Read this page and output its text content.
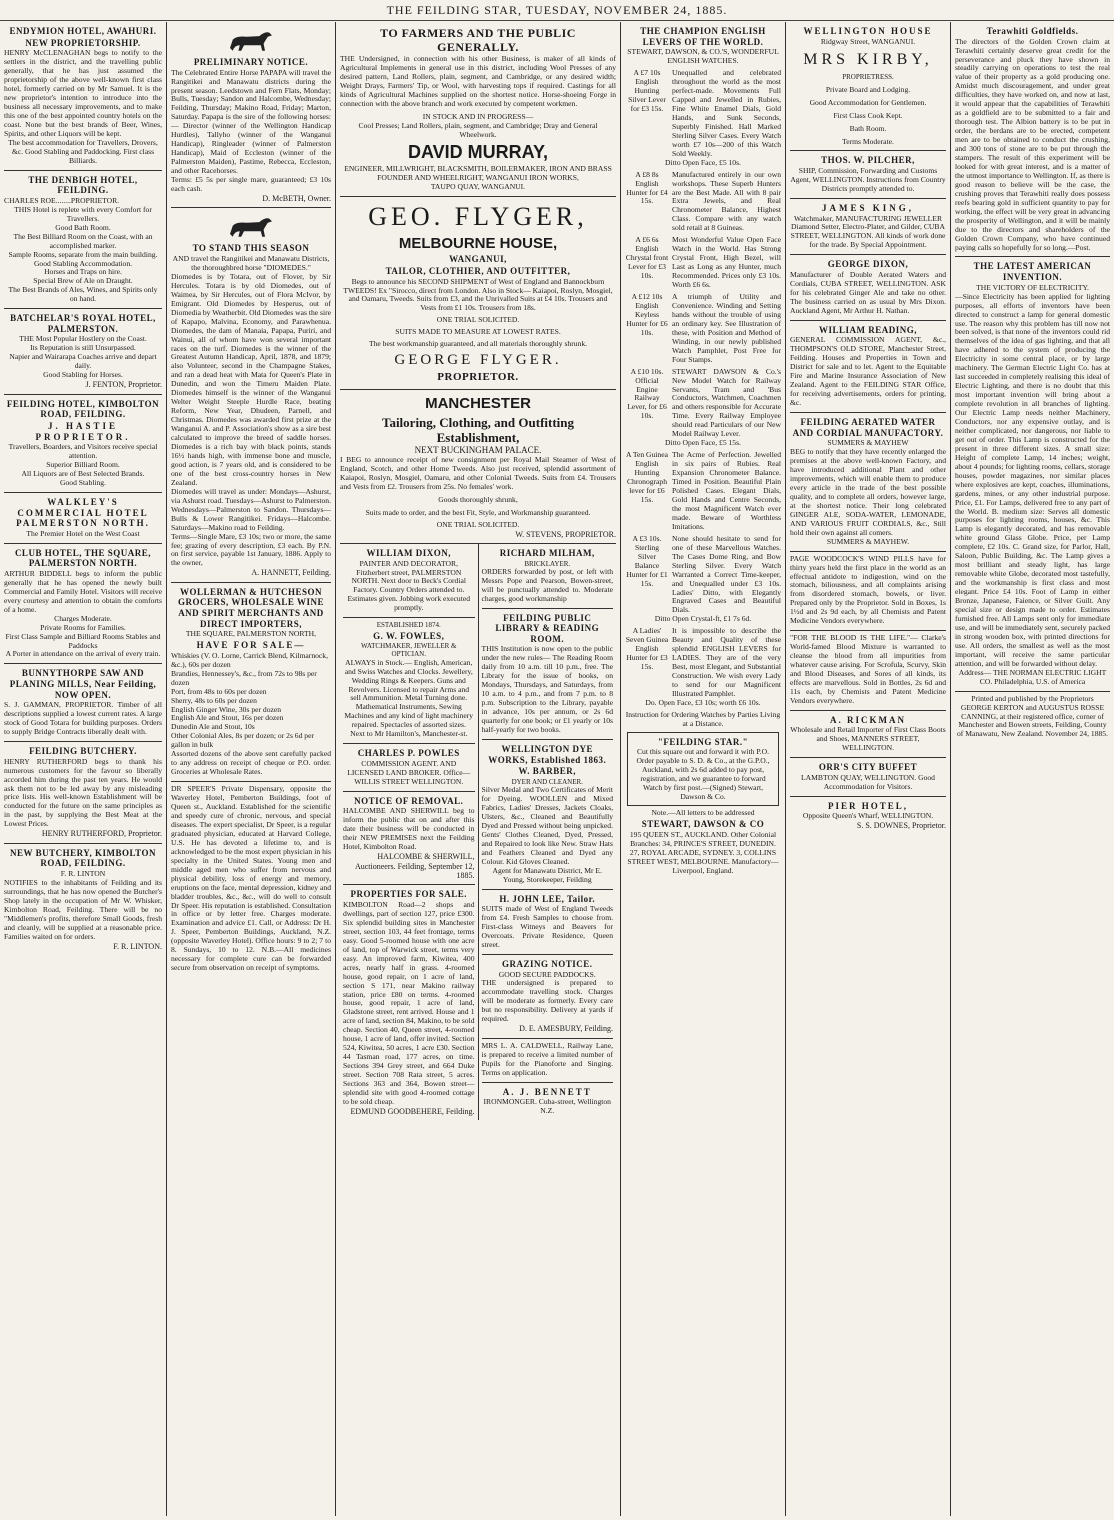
THE FEILDING STAR, TUESDAY, NOVEMBER 24, 1885.
ENDYMION HOTEL, AWAHURI.
NEW PROPRIETORSHIP.
HENRY McCLENAGHAN begs to notify to the settlers in the district, and the travelling public generally, that he has just assumed the proprietorship of the above well-known first class hotel, formerly carried on by Mr Samuel. It is the new proprietor's intention to introduce into the business all necessary improvements, and to make this one of the best appointed country hotels on the coast. None but the best brands of Beer, Wines, Spirits, and other Liquors will be kept.
The best accommodation for Travellers, Drovers, &c. Good Stabling and Paddocking. First class Billiards.
THE DENBIGH HOTEL, FEILDING.
CHARLES ROE........PROPRIETOR.
THIS Hotel is replete with every Comfort for Travellers.
Good Bath Room.
The Best Billiard Room on the Coast, with an accomplished marker.
Sample Rooms, separate from the main building.
Good Stabling Accommodation.
Horses and Traps on hire.
Special Brew of Ale on Draught.
The Best Brands of Ales, Wines, and Spirits only on hand.
BATCHELAR'S ROYAL HOTEL, PALMERSTON.
THE Most Popular Hostlery on the Coast.
Its Reputation is still Unsurpassed.
Napier and Wairarapa Coaches arrive and depart daily.
Good Stabling for Horses.
J. FENTON, Proprietor.
FEILDING HOTEL, KIMBOLTON ROAD, FEILDING.
J. HASTIE PROPRIETOR.
Travellers, Boarders, and Visitors receive special attention.
Superior Billiard Room.
All Liquors are of Best Selected Brands.
Good Stabling.
WALKLEY'S COMMERCIAL HOTEL PALMERSTON NORTH.
The Premier Hotel on the West Coast
CLUB HOTEL, THE SQUARE, PALMERSTON NORTH.
ARTHUR BIDDELL begs to inform the public generally that he has opened the newly built Commercial and Family Hotel. Visitors will receive every courtesy and attention to obtain the comforts of a home.
Charges Moderate.
Private Rooms for Families.
First Class Sample and Billiard Rooms Stables and Paddocks
A Porter in attendance on the arrival of every train.
BUNNYTHORPE SAW AND PLANING MILLS, Near Feilding, NOW OPEN.
S. J. GAMMAN, PROPRIETOR. Timber of all descriptions supplied a lowest current rates. A large stock of Good Totara for building purposes. Orders to supply Bridge Contracts liberally dealt with.
FEILDING BUTCHERY.
HENRY RUTHERFORD begs to thank his numerous customers for the favour so liberally accorded him during the past ten years. He would ask them not to be led away by any misleading price lists. His well-known Establishment will be conducted for the future on the same principles as in the past, by supplying the Best Meat at the Lowest Prices.
HENRY RUTHERFORD, Proprietor.
NEW BUTCHERY, KIMBOLTON ROAD, FEILDING.
F. R. LINTON
NOTIFIES to the inhabitants of Feilding and its surroundings, that he has now opened the Butcher's Shop lately in the occupation of Mr W. Whisker, Kimbolton Road, Feilding. There will be no "Middlemen's profits, therefore Small Goods, fresh and cleanly, will be supplied at a reasonable price. Families waited on for orders.
F. R. LINTON.
PRELIMINARY NOTICE.
The Celebrated Entire Horse PAPAPA will travel the Rangitikei and Manawatu districts during the present season. Leedstown and Fern Flats, Monday; Bulls, Tuesday; Sandon and Halcombe, Wednesday; Feilding, Thursday; Makino Road, Friday; Marton, Saturday. Papapa is the sire of the following horses:— Director (winner of the Wellington Handicap Hurdles), Tallyho (winner of the Wanganui Handicap), Ringleader (winner of Palmerston Handicap), Maid of Eccleston (winner of the Palmerston Maiden), Pastime, Rebecca, Eccleston, and other Racehorses.
Terms: £5 5s per single mare, guaranteed; £3 10s each cash.
D. McBETH, Owner.
TO STAND THIS SEASON
AND travel the Rangitikei and Manawatu Districts, the thoroughbred horse "DIOMEDES."
Diomedes is by Totara, out of Flover, by Sir Hercules. Totara is by old Diomedes, out of Waimea, by Sir Hercules, out of Flora McIvor, by Emigrant. Old Diomedes by Hesperus, out of Diomedia by Weatherbit. Old Diomedes was the sire of Kapapo, Malvina, Economy, and Parawhenua. Diomedes, the dam of Manaia, Papapa, Puriri, and Wainui, all of whom have won several important races on the turf. Diomedes is the winner of the Greatest Autumn Handicap, April, 1878, and 1879; also Volunteer, second in the Champagne Stakes, and ran a dead heat with Mata for Queen's Plate in Dunedin, and won the Timeru Maiden Plate. Diomedes himself is the winner of the Wanganui Welter Weight Steeple Hurdle Race, beating Reform, New Year, Dhudeen, Parnell, and Christmas. Diomedes was awarded first prize at the Wanganui A. and P. Association's show as a sire best calculated to improve the breed of saddle horses. Diomedes is a rich bay with black points, stands 16½ hands high, with immense bone and muscle, good action, is 7 years old, and is considered to be one of the best cross-country horses in New Zealand.
Diomedes will travel as under: Mondays—Ashurst, via Ashurst road. Tuesdays—Ashurst to Palmerston. Wednesdays—Palmerston to Sandon. Thursdays—Bulls & Lower Rangitikei. Fridays—Halcombe. Saturdays—Makino road to Feilding.
Terms—Single Mare, £3 10s; two or more, the same fee; grazing of every description, £3 each. By P.N. on first service, payable 1st January, 1886. Apply to the owner,
A. HANNETT, Feilding.
WOLLERMAN & HUTCHESON GROCERS, WHOLESALE WINE AND SPIRIT MERCHANTS AND DIRECT IMPORTERS,
THE SQUARE, PALMERSTON NORTH,
HAVE FOR SALE—
Whiskies (V. O. Lorne, Carrick Blend, Kilmarnock, &c.), 60s per dozen
Brandies, Hennessey's, &c., from 72s to 98s per dozen
Port, from 48s to 60s per dozen
Sherry, 48s to 60s per dozen
English Ginger Wine, 30s per dozen
English Ale and Stout, 16s per dozen
Dunedin Ale and Stout, 10s
Other Colonial Ales, 8s per dozen; or 2s 6d per gallon in bulk
Assorted dozens of the above sent carefully packed to any address on receipt of cheque or P.O. order. Groceries at Wholesale Rates.
DR SPEER'S Private Dispensary, opposite the Waverley Hotel, Pemberton Buildings, foot of Queen st., Auckland. Established for the scientific and speedy cure of chronic, nervous, and special diseases. The expert specialist, Dr Speer, is a regular graduated physician, educated at Harvard College, U.S. He has devoted a lifetime to, and is acknowledged to be the most expert physician in his specialty in the United States. Young men and middle aged men who suffer from nervous and physical debility, loss of energy and memory, eruptions on the face, mental depression, kidney and bladder troubles, &c., &c., will do well to consult Dr Speer. His reputation is established. Consultation in office or by letter free. Charges moderate. Examination and advice £1. Call, or Address: Dr H. J. Speer, Pemberton Buildings, Auckland, N.Z. (opposite Waverley Hotel). Office hours: 9 to 2; 7 to 8. Sundays, 10 to 12. N.B.—All medicines necessary for complete cure can be forwarded secure from observation on receipt of symptoms.
TO FARMERS AND THE PUBLIC GENERALLY.
THE Undersigned, in connection with his other Business, is maker of all kinds of Agricultural Implements in general use in this district, including Wool Presses of any desired pattern, Land Rollers, plain, segment, and Cambridge, or any desired width; Weight Drays, Farmers' Tip, or Wool, with harvesting tops if required. Castings for all kinds of Agricultural Machines supplied on the shortest notice. Horse-shoeing Forge in connection with the above branch and work executed by competent workmen.
IN STOCK AND IN PROGRESS—
Cool Presses; Land Rollers, plain, segment, and Cambridge; Dray and General Wheelwork.
DAVID MURRAY,
ENGINEER, MILLWRIGHT, BLACKSMITH, BOILERMAKER, IRON AND BRASS FOUNDER AND WHEELRIGHT, WANGANUI IRON WORKS,
TAUPO QUAY, WANGANUI.
GEO. FLYGER,
MELBOURNE HOUSE,
WANGANUI,
TAILOR, CLOTHIER, AND OUTFITTER,
Begs to announce his SECOND SHIPMENT of West of England and Bannockburn TWEEDS! Ex "Sirocco, direct from London. Also in Stock— Kaiapoi, Roslyn, Mosgiel, and Oamaru, Tweeds. Suits from £3, and the Unrivalled Suits at £4 10s. Trousers and Vests from £1 10s. Trousers from 18s.
ONE TRIAL SOLICITED.
SUITS MADE TO MEASURE AT LOWEST RATES.
The best workmanship guaranteed, and all materials thoroughly shrunk.
GEORGE FLYGER.
PROPRIETOR.
MANCHESTER
Tailoring, Clothing, and Outfitting Establishment,
NEXT BUCKINGHAM PALACE.
I BEG to announce receipt of new consignment per Royal Mail Steamer of West of England, Scotch, and other Home Tweeds. Also just received, splendid assortment of Kaiapoi, Roslyn, Mosgiel, Oamaru, and other Colonial Tweeds. Suits from £4. Trousers and Vests from £2. Trousers from 25s. No females' work.
Goods thoroughly shrunk,
Suits made to order, and the best Fit, Style, and Workmanship guaranteed.
ONE TRIAL SOLICITED.
W. STEVENS, PROPRIETOR.
WILLIAM DIXON,
PAINTER AND DECORATOR, Fitzherbert street, PALMERSTON NORTH. Next door to Beck's Cordial Factory. Country Orders attended to. Estimates given. Jobbing work executed promptly.
ESTABLISHED 1874.
G. W. FOWLES,
WATCHMAKER, JEWELLER & OPTICIAN.
ALWAYS in Stock.— English, American, and Swiss Watches and Clocks. Jewellery, Wedding Rings & Keepers. Guns and Revolvers. Licensed to repair Arms and sell Ammunition. Metal Turning done. Mathematical Instruments, Sewing Machines and any kind of light machinery repaired. Spectacles of assorted sizes.
Next to Mr Hamilton's, Manchester-st.
CHARLES P. POWLES
COMMISSION AGENT. AND LICENSED LAND BROKER. Office—WILLIS STREET WELLINGTON.
NOTICE OF REMOVAL.
HALCOMBE AND SHERWILL beg to inform the public that on and after this date their business will be conducted in their NEW PREMISES next the Feilding Hotel, Kimbolton Road.
HALCOMBE & SHERWILL, Auctioneers. Feilding, September 12, 1885.
PROPERTIES FOR SALE.
KIMBOLTON Road—2 shops and dwellings, part of section 127, price £300. Six splendid building sites in Manchester street, section 103, 44 feet frontage, terms easy. Good 5-roomed house with one acre of land, top of Warwick street, terms very easy. An improved farm, Kiwitea, 400 acres, nearly half in grass. 4-roomed house, good repair, on 1 acre of land, section S 171, near Makino railway station, price £80 on terms. 4-roomed house, good repair, 1 acre of land, Gladstone street, rent arrived. House and 1 acre of land, section 84, Makino, to be sold cheap. Section 40, Queen street, 4-roomed house, 1 acre of land, offer invited. Section 524, Kiwitea, 50 acres, 1 acre £30. Section 44 Tasman road, 177 acres, on time. Sections 394 Grey street, and 664 Duke street. Section 708 Rata street, 5 acres. Sections 363 and 364, Bowen street—splendid site with good 4-roomed cottage to be sold cheap.
EDMUND GOODBEHERE, Feilding.
RICHARD MILHAM,
BRICKLAYER.
ORDERS forwarded by post, or left with Messrs Pope and Pearson, Bowen-street, will be punctually attended to. Moderate charges, good workmanship
FEILDING PUBLIC LIBRARY & READING ROOM.
THIS Institution is now open to the public under the new rules— The Reading Room daily from 10 a.m. till 10 p.m., free. The Library for the issue of books, on Mondays, Thursdays, and Saturdays, from 10 a.m. to 4 p.m., and from 7 p.m. to 8 p.m. Subscription to the Library, payable in advance, 10s per annum, or 2s 6d quarterly for one book; or £1 yearly or 10s half-yearly for two books.
WELLINGTON DYE WORKS, Established 1863.
W. BARBER,
DYER AND CLEANER.
Silver Medal and Two Certificates of Merit for Dyeing. WOOLLEN and Mixed Fabrics, Ladies' Dresses, Jackets Cloaks, Ulsters, &c., Cleaned and Beautifully Dyed and Pressed without being unpicked. Gents' Clothes Cleaned, Dyed, Pressed, and Repaired to look like New. Straw Hats and Feathers Cleaned and Dyed any Colour. Kid Gloves Cleaned.
Agent for Manawatu District, Mr E. Young, Storekeeper, Feilding
H. JOHN LEE, Tailor.
SUITS made of West of England Tweeds from £4. Fresh Samples to choose from. First-class Witneys and Beavers for Overcoats. Private Residence, Queen street.
GRAZING NOTICE.
GOOD SECURE PADDOCKS.
THE undersigned is prepared to accommodate travelling stock. Charges will be moderate as formerly. Every care but no responsibility. Delivery at yards if required.
D. E. AMESBURY, Feilding.
MRS L. A. CALDWELL, Railway Lane, is prepared to receive a limited number of Pupils for the Pianoforte and Singing. Terms on application.
A. J. BENNETT
IRONMONGER. Cuba-street, Wellington N.Z.
THE CHAMPION ENGLISH LEVERS OF THE WORLD.
STEWART, DAWSON, & CO.'S, WONDERFUL ENGLISH WATCHES.
A £7 10s English Hunting Silver Lever for £3 15s.
Unequalled and celebrated throughout the world as the most perfect-made. Movements Full Capped and Jewelled in Rubies, Fine White Enamel Dials, Gold Hands, and Sunk Seconds, Superbly Finished. Hall Marked Sterling Silver Cases. Every Watch worth £7 10s—200 of this Watch Sold Weekly.
Ditto Open Face, £5 10s.
A £8 8s English Hunter for £4 15s.
Manufactured entirely in our own workshops. These Superb Hunters are the Best Made. All with 8 pair Extra Jewels, and Real Chronometer Balance, Highest Class. Compare with any watch sold retail at 8 Guineas.
A £6 6s English Chrystal front Lever for £3 10s.
Most Wonderful Value Open Face Watch in the World. Has Strong Crystal Front, High Bezel, will Last as Long as any Hunter, much Recommended. Prices only £3 10s. Worth £6 6s.
A £12 10s English Keyless Hunter for £6 10s.
A triumph of Utility and Convenience. Winding and Setting hands without the trouble of using an ordinary key. See Illustration of these, with Position and Method of Winding, in our newly published Watch Pamphlet, Post Free for Four Stamps.
A £10 10s. Official Engine Railway Lever, for £6 10s.
STEWART DAWSON & Co.'s New Model Watch for Railway Servants, Tram and 'Bus Conductors, Watchmen, Coachmen and others responsible for Accurate Time. Every Railway Employee should read Particulars of our New Model Railway Lever.
Ditto Open Face, £5 15s.
A Ten Guinea English Hunting Chronograph lever for £6 15s.
The Acme of Perfection. Jewelled in six pairs of Rubies. Real Expansion Chronometer Balance. Timed in Position. Beautiful Plain Polished Cases. Elegant Dials, Gold Hands and Centre Seconds, the most Magnificent Watch ever made. Beware of Worthless Imitations.
A £3 10s. Sterling Silver Balance Hunter for £1 15s.
None should hesitate to send for one of these Marvellous Watches. The Cases Dome Ring, and Bow Sterling Silver. Every Watch Warranted a Correct Time-keeper, and Unequalled under £3 10s. Ladies' Ditto, with Elegantly Engraved Cases and Beautiful Dials.
Ditto Open Crystal-ft, £1 7s 6d.
A Ladies' Seven Guinea English Hunter for £3 15s.
It is impossible to describe the Beauty and Quality of these splendid ENGLISH LEVERS for LADIES. They are of the very Best, most Elegant, and Substantial Construction. We wish every Lady to send for our Magnificent Illustrated Pamphlet.
Do. Open Face, £3 10s; worth £6 10s.
Instruction for Ordering Watches by Parties Living at a Distance.
"FEILDING STAR."
Cut this square out and forward it with P.O. Order payable to S. D. & Co., at the G.P.O., Auckland, with 2s 6d added to pay post, registration, and we guarantee to forward Watch by first post.—(Signed) Stewart, Dawson & Co.
Note.—All letters to be addressed
STEWART, DAWSON & CO
195 QUEEN ST., AUCKLAND. Other Colonial Branches: 34, PRINCE'S STREET, DUNEDIN. 27, ROYAL ARCADE, SYDNEY. 3, COLLINS STREET WEST, MELBOURNE. Manufactory—Liverpool, England.
WELLINGTON HOUSE
Ridgway Street, WANGANUI.
MRS KIRBY,
PROPRIETRESS.
Private Board and Lodging.
Good Accommodation for Gentlemen.
First Class Cook Kept.
Bath Room.
Terms Moderate.
THOS. W. PILCHER,
SHIP, Commission, Forwarding and Customs Agent, WELLINGTON. Instructions from Country Districts promptly attended to.
JAMES KING,
Watchmaker, MANUFACTURING JEWELLER Diamond Setter, Electro-Plater, and Gilder, CUBA STREET, WELLINGTON. All kinds of work done for the trade. By Special Appointment.
GEORGE DIXON,
Manufacturer of Double Aerated Waters and Cordials, CUBA STREET, WELLINGTON. ASK for his celebrated Ginger Ale and take no other. The business carried on as usual by Mrs Dixon. Auckland Agent, Mr Arthur H. Nathan.
WILLIAM READING,
GENERAL COMMISSION AGENT, &c., THOMPSON'S OLD STORE, Manchester Street, Feilding. Houses and Properties in Town and District for sale and to let. Agent to the Equitable Fire and Marine Insurance Association of New Zealand. Agent to the FEILDING STAR Office, for receiving advertisements, orders for printing, &c.
FEILDING AERATED WATER AND CORDIAL MANUFACTORY.
SUMMERS & MAYHEW
BEG to notify that they have recently enlarged the premises at the above well-known Factory, and have introduced additional Plant and other improvements, which will enable them to produce every article in the trade of the best possible quality, and to complete all orders, however large, at the shortest notice. Their long celebrated GINGER ALE, SODA-WATER, LEMONADE, AND VARIOUS FRUIT CORDIALS, &c., Still hold their own against all comers.
SUMMERS & MAYHEW.
PAGE WOODCOCK'S WIND PILLS have for thirty years held the first place in the world as an effectual antidote to indigestion, wind on the stomach, biliousness, and all complaints arising from disordered stomach, bowels, or liver. Prepared only by the Proprietor. Sold in Boxes, 1s 1½d and 2s 9d each, by all Chemists and Patent Medicine Vendors everywhere.
"FOR THE BLOOD IS THE LIFE."— Clarke's World-famed Blood Mixture is warranted to cleanse the blood from all impurities from whatever cause arising. For Scrofula, Scurvy, Skin and Blood Diseases, and Sores of all kinds, its effects are marvellous. Sold in Bottles, 2s 6d and 11s each, by Chemists and Patent Medicine Vendors everywhere.
A. RICKMAN
Wholesale and Retail Importer of First Class Boots and Shoes, MANNERS STREET, WELLINGTON.
ORR'S CITY BUFFET
LAMBTON QUAY, WELLINGTON. Good Accommodation for Visitors.
PIER HOTEL,
Opposite Queen's Wharf, WELLINGTON.
S. S. DOWNES, Proprietor.
Terawhiti Goldfields.
The directors of the Golden Crown claim at Terawhiti certainly deserve great credit for the perseverance and pluck they have shown in steadily carrying on operations to test the real value of their property as a gold producing one. Amidst much discouragement, and under great difficulties, they have worked on, and now at last, it would appear that the capabilities of Terawhiti as a goldfield are to be submitted to a fair and thorough test. The Albion battery is to be put in order, the berdans are to be erected, competent men are to be obtained to conduct the crushing, and 300 tons of stone are to be put through the stampers. The result of this experiment will be looked for with great interest, and is a matter of the utmost importance to Wellington. If, as there is good reason to believe will be the case, the crushing proves that Terawhiti really does possess reefs bearing gold in sufficient quantity to pay for working, the effect will be very great in advancing the prosperity of Wellington, and it will be mainly due to the directors and shareholders of the Golden Crown Company, who have continued paying calls so hopefully for so long.—Post.
THE LATEST AMERICAN INVENTION.
THE VICTORY OF ELECTRICITY.
—Since Electricity has been applied for lighting purposes, all efforts of inventors have been directed to construct a lamp for general domestic use. The reason why this problem has till now not been solved, is that none of the inventors could rid themselves of the idea of gas lighting, and that all have adhered to the system of producing the Electricity in some central place, or by large machinery. The German Electric Light Co. has at last succeeded in completely realising this ideal of Electric Lighting, and there is no doubt that this most important invention will bring about a complete revolution in all branches of lighting. Our Electric Lamp needs neither Machinery, Conductors, nor any expensive outlay, and is neither complicated, nor dangerous, nor liable to get out of order. This Lamp is constructed for the present in three different sizes. A small size: Height of complete Lamp, 14 inches; weight, about 4 pounds; for lighting rooms, cellars, storage houses, powder magazines, nor similar places where explosives are kept, coaches, illuminations, gardens, mines, or any other industrial purpose. Price, £1. For Lamps, delivered free to any part of the World. B. medium size: Serves all domestic purposes for lighting rooms, houses, &c. This Lamp is elegantly decorated, and has removable white ground Glass Globe. Price, per Lamp complete, £2 10s. C. Grand size, for Parlor, Hall, Saloon, Public Building, &c. The Lamp gives a most brilliant and steady light, has large removable white Globe, decorated most tastefully, and the workmanship is first class and most elegant. Price £4 10s. Foot of Lamp in either Bronze, Japanese, Faience, or Silver Guilt. Any special size or design made to order. Estimates furnished free. All Lamps sent only for immediate use, and will be immediately sent, securely packed in strong wooden box, with printed directions for use. All orders, the smallest as well as the most important, will receive the same particular attention, and will be forwarded without delay.
Address— THE NORMAN ELECTRIC LIGHT CO. Philadelphia, U.S. of America
Printed and published by the Proprietors GEORGE KERTON and AUGUSTUS ROSSE CANNING, at their registered office, corner of Manchester and Bowen streets, Feilding, County of Manawatu, New Zealand. November 24, 1885.
